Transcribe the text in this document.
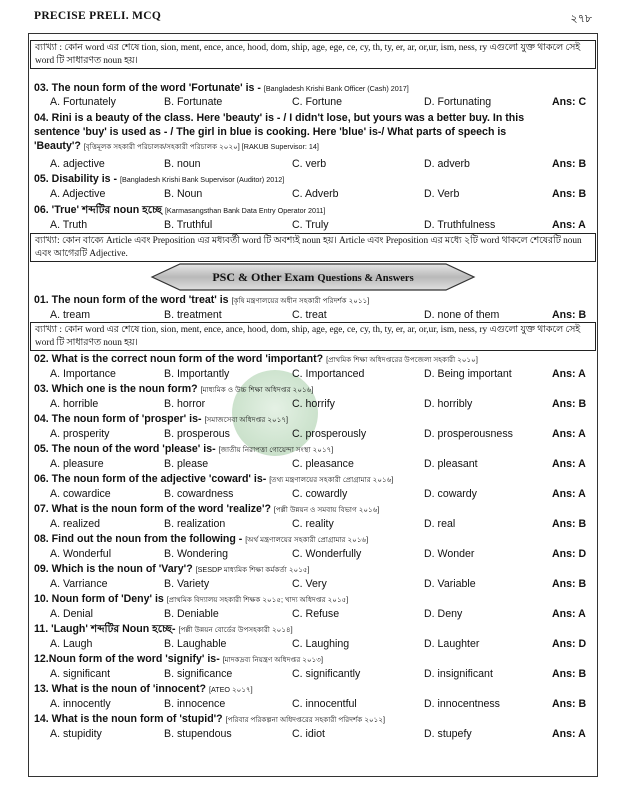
PRECISE PRELI. MCQ	২৭৮
ব্যাখ্যা : কোন word এর শেষে tion, sion, ment, ence, ance, hood, dom, ship, age, ege, ce, cy, th, ty, er, ar, or,ur, ism, ness, ry এগুলো যুক্ত থাকলে সেই word টি সাধারণত noun হয়।
03. The noun form of the word 'Fortunate' is - [Bangladesh Krishi Bank Officer (Cash) 2017]
A. Fortunately	B. Fortunate	C. Fortune	D. Fortunating	Ans: C
04. Rini is a beauty of the class. Here 'beauty' is - / I didn't lose, but yours was a better buy. In this
sentence 'buy' is used as - / The girl in blue is cooking. Here 'blue' is-/ What parts of speech is
'Beauty'? [বৃত্তিমূলক সহকারী পরিচালক/সহকারী পরিচালক ২০২০] [RAKUB Supervisor: 14]
A. adjective	B. noun	C. verb	D. adverb	Ans: B
05. Disability is - [Bangladesh Krishi Bank Supervisor (Auditor) 2012]
A. Adjective	B. Noun	C. Adverb	D. Verb	Ans: B
06. 'True' শব্দটির noun হচ্ছে [Karmasangsthan Bank Data Entry Operator 2011]
A. Truth	B. Truthful	C. Truly	D. Truthfulness	Ans: A
ব্যাখ্যা: কোন বাক্যে Article এবং Preposition এর মধ্যবর্তী word টি অবশ্যই noun হয়। Article এবং Preposition এর মধ্যে ২টি word থাকলে শেষেরটি noun এবং আগেরটি Adjective.
PSC & Other Exam Questions & Answers
01. The noun form of the word 'treat' is [কৃষি মন্ত্রণালয়ের অধীন সহকারী পরিদর্শক ২০১১]
A. tream	B. treatment	C. treat	D. none of them	Ans: B
ব্যাখ্যা : কোন word এর শেষে tion, sion, ment, ence, ance, hood, dom, ship, age, ege, ce, cy, th, ty, er, ar, or,ur, ism, ness, ry এগুলো যুক্ত থাকলে সেই word টি সাধারণত noun হয়।
02. What is the correct noun form of the word 'important? [প্রাথমিক শিক্ষা অধিদপ্তরের উপজেলা সহকারী ২০১০]
A. Importance	B. Importantly	C. Importanced	D. Being important	Ans: A
03. Which one is the noun form? [মাধ্যমিক ও উচ্চ শিক্ষা অধিদপ্তর ২০১৬]
A. horrible	B. horror	C. horrify	D. horribly	Ans: B
04. The noun form of 'prosper' is- [সমাজসেবা অধিদপ্তর ২০১৭]
A. prosperity	B. prosperous	C. prosperously	D. prosperousness	Ans: A
05. The noun of the word 'please' is- [জাতীয় নিরাপত্তা গোয়েন্দা সংস্থা ২০১৭]
A. pleasure	B. please	C. pleasance	D. pleasant	Ans: A
06. The noun form of the adjective 'coward' is- [তথ্য মন্ত্রণালয়ের সহকারী প্রোগ্রামার ২০১৬]
A. cowardice	B. cowardness	C. cowardly	D. cowardy	Ans: A
07. What is the noun form of the word 'realize'? [পল্লী উন্নয়ন ও সমবায় বিভাগ ২০১৬]
A. realized	B. realization	C. reality	D. real	Ans: B
08. Find out the noun from the following - [অর্থ মন্ত্রণালয়ের সহকারী প্রোগ্রামার ২০১৬]
A. Wonderful	B. Wondering	C. Wonderfully	D. Wonder	Ans: D
09. Which is the noun of 'Vary'? [SESDP মাধ্যমিক শিক্ষা কর্মকর্তা ২০১৫]
A. Varriance	B. Variety	C. Very	D. Variable	Ans: B
10. Noun form of 'Deny' is [প্রাথমিক বিদ্যালয় সহকারী শিক্ষক ২০১৫; খাদ্য অধিদপ্তর ২০১৫]
A. Denial	B. Deniable	C. Refuse	D. Deny	Ans: A
11. 'Laugh' শব্দটির Noun হচ্ছে- [পল্লী উন্নয়ন বোর্ডের উপসহকারী ২০১৪]
A. Laugh	B. Laughable	C. Laughing	D. Laughter	Ans: D
12.Noun form of the word 'signify' is- [মাদকদ্রব্য নিয়ন্ত্রণ অধিদপ্তর ২০১৩]
A. significant	B. significance	C. significantly	D. insignificant	Ans: B
13. What is the noun of 'innocent? [ATEO ২০১৭]
A. innocently	B. innocence	C. innocentful	D. innocentness	Ans: B
14. What is the noun form of 'stupid'? [পরিবার পরিকল্পনা অধিদপ্তরের সহকারী পরিদর্শক ২০১২]
A. stupidity	B. stupendous	C. idiot	D. stupefy	Ans: A
